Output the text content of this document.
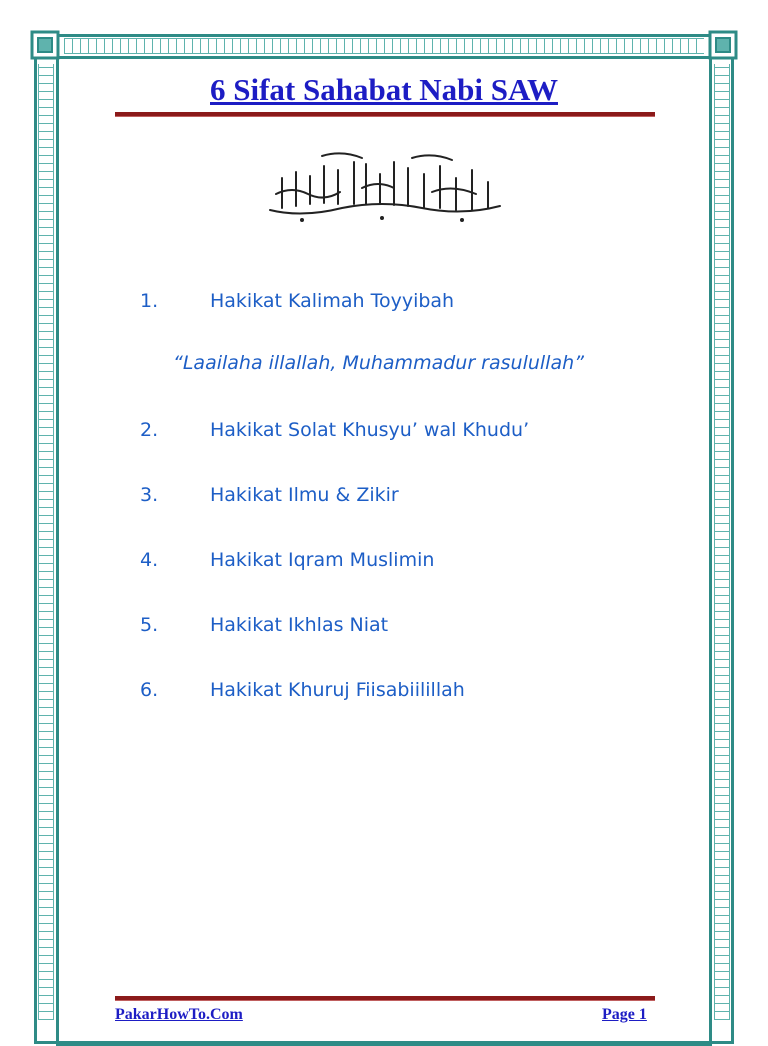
6 Sifat Sahabat Nabi SAW
1.	Hakikat Kalimah Toyyibah
“Laailaha illallah, Muhammadur rasulullah”
2.	Hakikat Solat Khusyu’ wal Khudu’
3.	Hakikat Ilmu & Zikir
4.	Hakikat Iqram Muslimin
5.	Hakikat Ikhlas Niat
6.	Hakikat Khuruj Fiisabiilillah
PakarHowTo.Com	Page 1
